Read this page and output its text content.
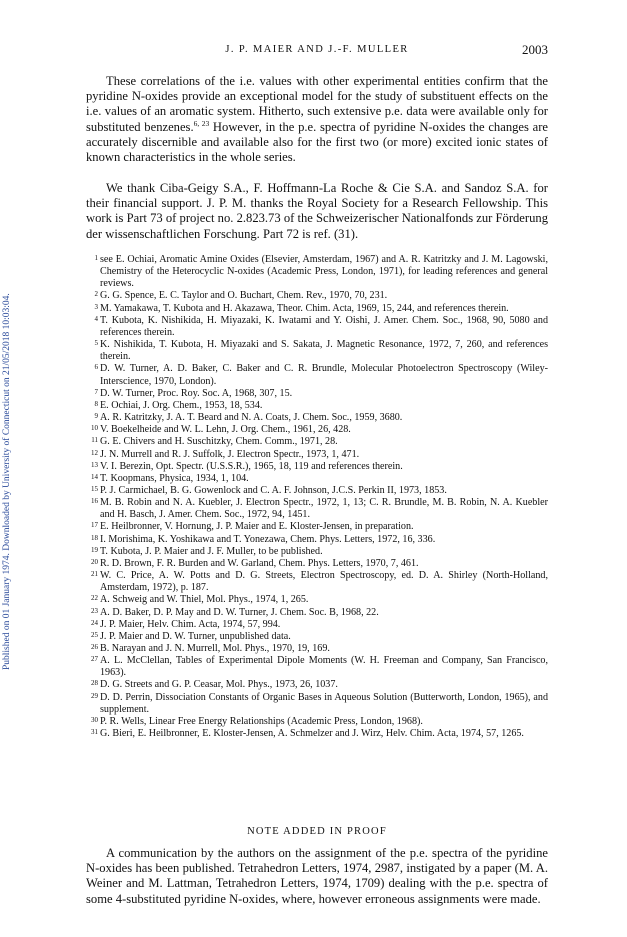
Published on 01 January 1974. Downloaded by University of Connecticut on 21/05/2018 10:03:04.
J. P. MAIER AND J.-F. MULLER	2003

These correlations of the i.e. values with other experimental entities confirm that the pyridine N-oxides provide an exceptional model for the study of substituent effects on the i.e. values of an aromatic system. Hitherto, such extensive p.e. data were available only for substituted benzenes.$^{6, 23}$ However, in the p.e. spectra of pyridine N-oxides the changes are accurately discernible and available also for the first two (or more) excited ionic states of known characteristics in the whole series.

We thank Ciba-Geigy S.A., F. Hoffmann-La Roche & Cie S.A. and Sandoz S.A. for their financial support. J. P. M. thanks the Royal Society for a Research Fellowship. This work is Part 73 of project no. 2.823.73 of the Schweizerischer Nationalfonds zur Förderung der wissenschaftlichen Forschung. Part 72 is ref. (31).

1 see E. Ochiai, Aromatic Amine Oxides (Elsevier, Amsterdam, 1967) and A. R. Katritzky and J. M. Lagowski, Chemistry of the Heterocyclic N-oxides (Academic Press, London, 1971), for leading references and general reviews.
2 G. G. Spence, E. C. Taylor and O. Buchart, Chem. Rev., 1970, 70, 231.
3 M. Yamakawa, T. Kubota and H. Akazawa, Theor. Chim. Acta, 1969, 15, 244, and references therein.
4 T. Kubota, K. Nishikida, H. Miyazaki, K. Iwatami and Y. Oishi, J. Amer. Chem. Soc., 1968, 90, 5080 and references therein.
5 K. Nishikida, T. Kubota, H. Miyazaki and S. Sakata, J. Magnetic Resonance, 1972, 7, 260, and references therein.
6 D. W. Turner, A. D. Baker, C. Baker and C. R. Brundle, Molecular Photoelectron Spectroscopy (Wiley-Interscience, 1970, London).
7 D. W. Turner, Proc. Roy. Soc. A, 1968, 307, 15.
8 E. Ochiai, J. Org. Chem., 1953, 18, 534.
9 A. R. Katritzky, J. A. T. Beard and N. A. Coats, J. Chem. Soc., 1959, 3680.
10 V. Boekelheide and W. L. Lehn, J. Org. Chem., 1961, 26, 428.
11 G. E. Chivers and H. Suschitzky, Chem. Comm., 1971, 28.
12 J. N. Murrell and R. J. Suffolk, J. Electron Spectr., 1973, 1, 471.
13 V. I. Berezin, Opt. Spectr. (U.S.S.R.), 1965, 18, 119 and references therein.
14 T. Koopmans, Physica, 1934, 1, 104.
15 P. J. Carmichael, B. G. Gowenlock and C. A. F. Johnson, J.C.S. Perkin II, 1973, 1853.
16 M. B. Robin and N. A. Kuebler, J. Electron Spectr., 1972, 1, 13; C. R. Brundle, M. B. Robin, N. A. Kuebler and H. Basch, J. Amer. Chem. Soc., 1972, 94, 1451.
17 E. Heilbronner, V. Hornung, J. P. Maier and E. Kloster-Jensen, in preparation.
18 I. Morishima, K. Yoshikawa and T. Yonezawa, Chem. Phys. Letters, 1972, 16, 336.
19 T. Kubota, J. P. Maier and J. F. Muller, to be published.
20 R. D. Brown, F. R. Burden and W. Garland, Chem. Phys. Letters, 1970, 7, 461.
21 W. C. Price, A. W. Potts and D. G. Streets, Electron Spectroscopy, ed. D. A. Shirley (North-Holland, Amsterdam, 1972), p. 187.
22 A. Schweig and W. Thiel, Mol. Phys., 1974, 1, 265.
23 A. D. Baker, D. P. May and D. W. Turner, J. Chem. Soc. B, 1968, 22.
24 J. P. Maier, Helv. Chim. Acta, 1974, 57, 994.
25 J. P. Maier and D. W. Turner, unpublished data.
26 B. Narayan and J. N. Murrell, Mol. Phys., 1970, 19, 169.
27 A. L. McClellan, Tables of Experimental Dipole Moments (W. H. Freeman and Company, San Francisco, 1963).
28 D. G. Streets and G. P. Ceasar, Mol. Phys., 1973, 26, 1037.
29 D. D. Perrin, Dissociation Constants of Organic Bases in Aqueous Solution (Butterworth, London, 1965), and supplement.
30 P. R. Wells, Linear Free Energy Relationships (Academic Press, London, 1968).
31 G. Bieri, E. Heilbronner, E. Kloster-Jensen, A. Schmelzer and J. Wirz, Helv. Chim. Acta, 1974, 57, 1265.
NOTE ADDED IN PROOF

A communication by the authors on the assignment of the p.e. spectra of the pyridine N-oxides has been published. Tetrahedron Letters, 1974, 2987, instigated by a paper (M. A. Weiner and M. Lattman, Tetrahedron Letters, 1974, 1709) dealing with the p.e. spectra of some 4-substituted pyridine N-oxides, where, however erroneous assignments were made.
